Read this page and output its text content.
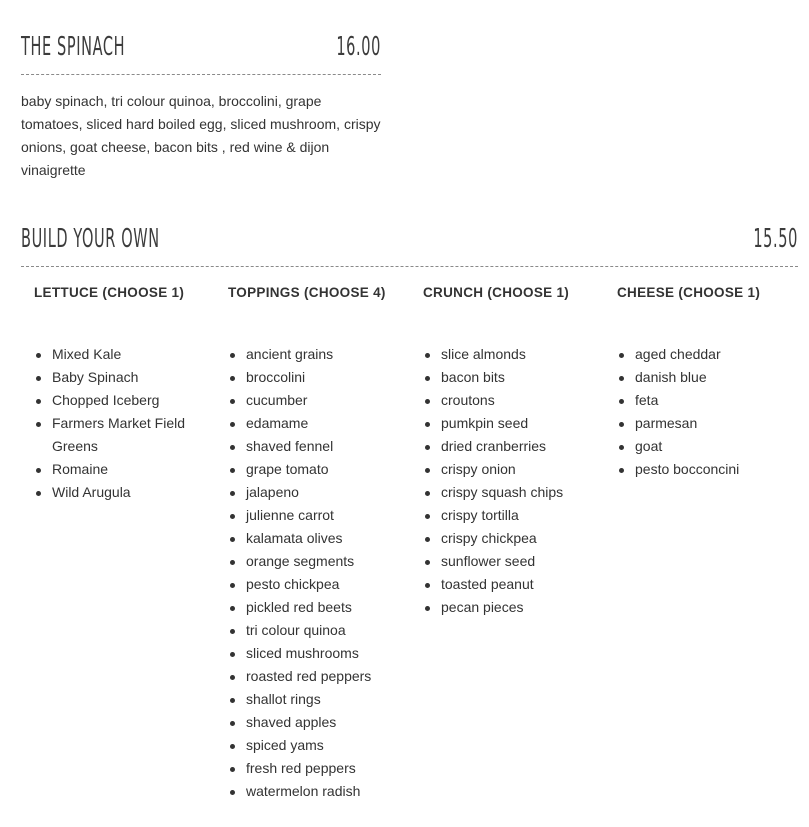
THE SPINACH	16.00

baby spinach, tri colour quinoa, broccolini, grape tomatoes, sliced hard boiled egg, sliced mushroom, crispy onions, goat cheese, bacon bits , red wine & dijon vinaigrette

BUILD YOUR OWN	15.50
LETTUCE (CHOOSE 1)
Mixed Kale
Baby Spinach
Chopped Iceberg
Farmers Market Field Greens
Romaine
Wild Arugula
TOPPINGS (CHOOSE 4)
ancient grains
broccolini
cucumber
edamame
shaved fennel
grape tomato
jalapeno
julienne carrot
kalamata olives
orange segments
pesto chickpea
pickled red beets
tri colour quinoa
sliced mushrooms
roasted red peppers
shallot rings
shaved apples
spiced yams
fresh red peppers
watermelon radish
CRUNCH (CHOOSE 1)
slice almonds
bacon bits
croutons
pumkpin seed
dried cranberries
crispy onion
crispy squash chips
crispy tortilla
crispy chickpea
sunflower seed
toasted peanut
pecan pieces
CHEESE (CHOOSE 1)
aged cheddar
danish blue
feta
parmesan
goat
pesto bocconcini
